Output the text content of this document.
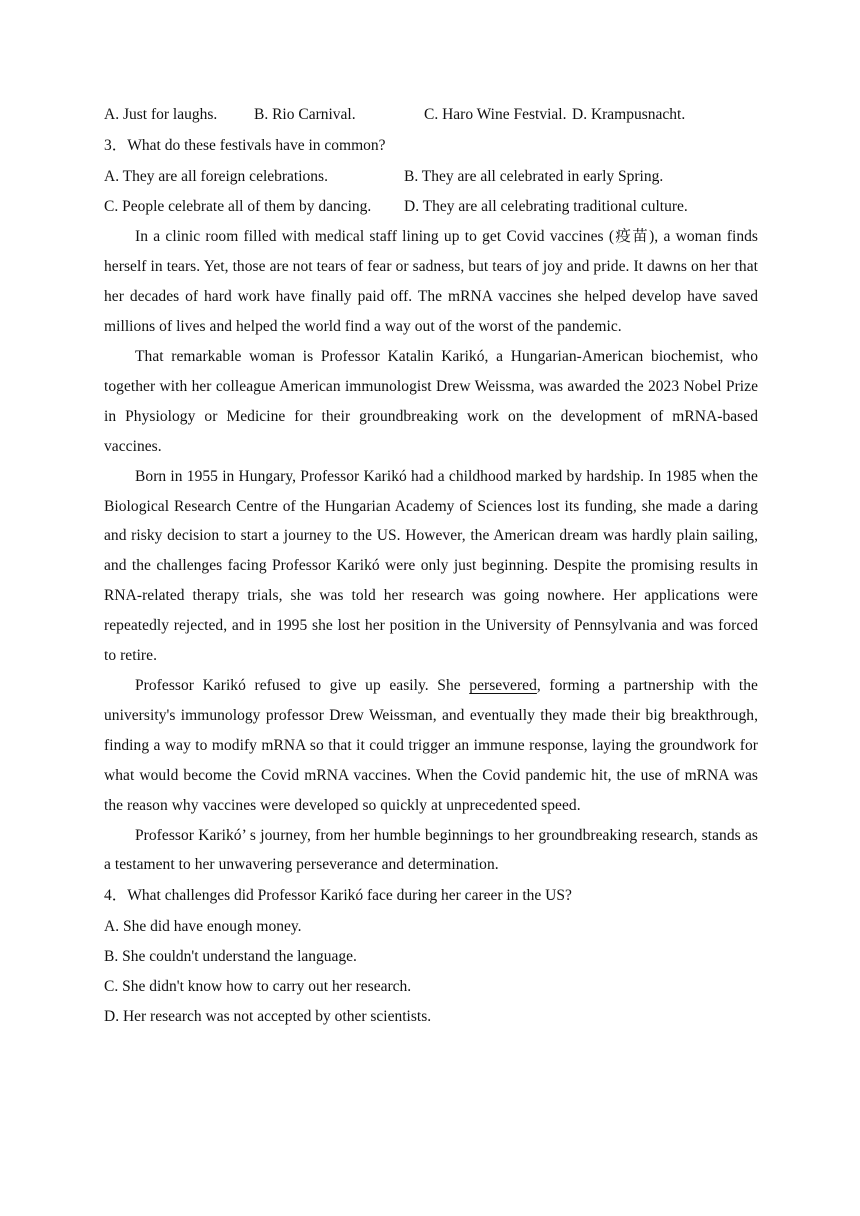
A. Just for laughs. B. Rio Carnival.	C. Haro Wine Festvial. D. Krampusnacht.
3．What do these festivals have in common?
A. They are all foreign celebrations.	B. They are all celebrated in early Spring.
C. People celebrate all of them by dancing. D. They are all celebrating traditional culture.

In a clinic room filled with medical staff lining up to get Covid vaccines (疫苗), a woman finds herself in tears. Yet, those are not tears of fear or sadness, but tears of joy and pride. It dawns on her that her decades of hard work have finally paid off. The mRNA vaccines she helped develop have saved millions of lives and helped the world find a way out of the worst of the pandemic.

That remarkable woman is Professor Katalin Karikó, a Hungarian-American biochemist, who together with her colleague American immunologist Drew Weissma, was awarded the 2023 Nobel Prize in Physiology or Medicine for their groundbreaking work on the development of mRNA-based vaccines.

Born in 1955 in Hungary, Professor Karikó had a childhood marked by hardship. In 1985 when the Biological Research Centre of the Hungarian Academy of Sciences lost its funding, she made a daring and risky decision to start a journey to the US. However, the American dream was hardly plain sailing, and the challenges facing Professor Karikó were only just beginning. Despite the promising results in RNA-related therapy trials, she was told her research was going nowhere. Her applications were repeatedly rejected, and in 1995 she lost her position in the University of Pennsylvania and was forced to retire.

Professor Karikó refused to give up easily. She persevered, forming a partnership with the university's immunology professor Drew Weissman, and eventually they made their big breakthrough, finding a way to modify mRNA so that it could trigger an immune response, laying the groundwork for what would become the Covid mRNA vaccines. When the Covid pandemic hit, the use of mRNA was the reason why vaccines were developed so quickly at unprecedented speed.

Professor Karikó’ s journey, from her humble beginnings to her groundbreaking research, stands as a testament to her unwavering perseverance and determination.

4．What challenges did Professor Karikó face during her career in the US?
A. She did have enough money.
B. She couldn't understand the language.
C. She didn't know how to carry out her research.
D. Her research was not accepted by other scientists.
